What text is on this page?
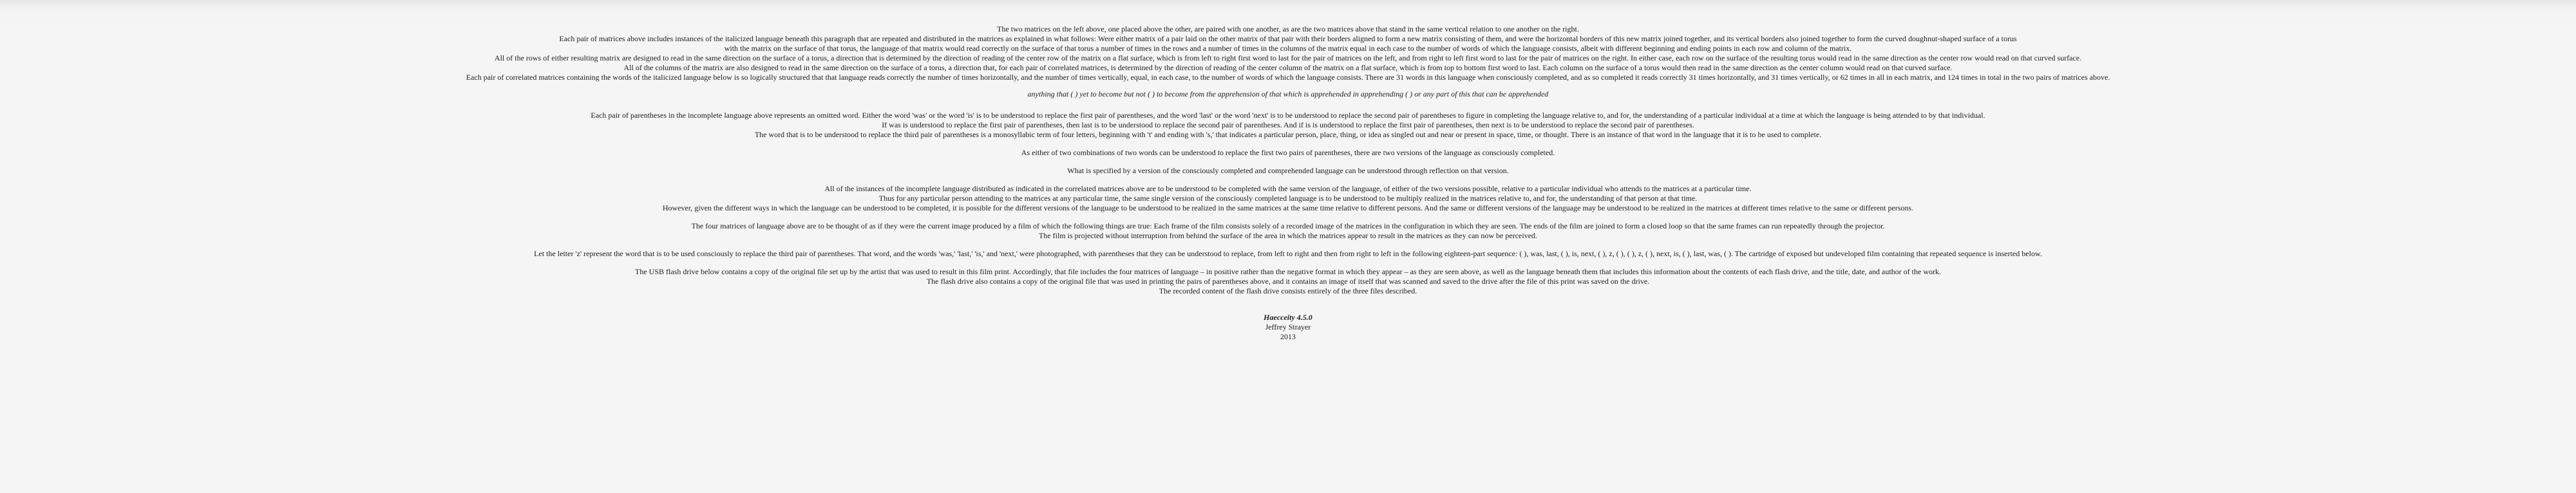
The two matrices on the left above, one placed above the other, are paired with one another, as are the two matrices above that stand in the same vertical relation to one another on the right.

Each pair of matrices above includes instances of the italicized language beneath this paragraph that are repeated and distributed in the matrices as explained in what follows: Were either matrix of a pair laid on the other matrix of that pair with their borders aligned to form a new matrix consisting of them, and were the horizontal borders of this new matrix joined together, and its vertical borders also joined together to form the curved doughnut-shaped surface of a torus

with the matrix on the surface of that torus, the language of that matrix would read correctly on the surface of that torus a number of times in the rows and a number of times in the columns of the matrix equal in each case to the number of words of which the language consists, albeit with different beginning and ending points in each row and column of the matrix.

All of the rows of either resulting matrix are designed to read in the same direction on the surface of a torus, a direction that is determined by the direction of reading of the center row of the matrix on a flat surface, which is from left to right first word to last for the pair of matrices on the left, and from right to left first word to last for the pair of matrices on the right. In either case, each row on the surface of the resulting torus would read in the same direction as the center row would read on that curved surface.

All of the columns of the matrix are also designed to read in the same direction on the surface of a torus, a direction that, for each pair of correlated matrices, is determined by the direction of reading of the center column of the matrix on a flat surface, which is from top to bottom first word to last. Each column on the surface of a torus would then read in the same direction as the center column would read on that curved surface.

Each pair of correlated matrices containing the words of the italicized language below is so logically structured that that language reads correctly the number of times horizontally, and the number of times vertically, equal, in each case, to the number of words of which the language consists. There are 31 words in this language when consciously completed, and as so completed it reads correctly 31 times horizontally, and 31 times vertically, or 62 times in all in each matrix, and 124 times in total in the two pairs of matrices above.

anything that ( ) yet to become but not ( ) to become from the apprehension of that which is apprehended in apprehending ( ) or any part of this that can be apprehended

Each pair of parentheses in the incomplete language above represents an omitted word. Either the word 'was' or the word 'is' is to be understood to replace the first pair of parentheses, and the word 'last' or the word 'next' is to be understood to replace the second pair of parentheses to figure in completing the language relative to, and for, the understanding of a particular individual at a time at which the language is being attended to by that individual.

If was is understood to replace the first pair of parentheses, then last is to be understood to replace the second pair of parentheses. And if is is understood to replace the first pair of parentheses, then next is to be understood to replace the second pair of parentheses.

The word that is to be understood to replace the third pair of parentheses is a monosyllabic term of four letters, beginning with 't' and ending with 's,' that indicates a particular person, place, thing, or idea as singled out and near or present in space, time, or thought. There is an instance of that word in the language that it is to be used to complete.

As either of two combinations of two words can be understood to replace the first two pairs of parentheses, there are two versions of the language as consciously completed.

What is specified by a version of the consciously completed and comprehended language can be understood through reflection on that version.

All of the instances of the incomplete language distributed as indicated in the correlated matrices above are to be understood to be completed with the same version of the language, of either of the two versions possible, relative to a particular individual who attends to the matrices at a particular time.

Thus for any particular person attending to the matrices at any particular time, the same single version of the consciously completed language is to be understood to be multiply realized in the matrices relative to, and for, the understanding of that person at that time.

However, given the different ways in which the language can be understood to be completed, it is possible for the different versions of the language to be understood to be realized in the same matrices at the same time relative to different persons. And the same or different versions of the language may be understood to be realized in the matrices at different times relative to the same or different persons.

The four matrices of language above are to be thought of as if they were the current image produced by a film of which the following things are true: Each frame of the film consists solely of a recorded image of the matrices in the configuration in which they are seen. The ends of the film are joined to form a closed loop so that the same frames can run repeatedly through the projector.

The film is projected without interruption from behind the surface of the area in which the matrices appear to result in the matrices as they can now be perceived.

Let the letter 'z' represent the word that is to be used consciously to replace the third pair of parentheses. That word, and the words 'was,' 'last,' 'is,' and 'next,' were photographed, with parentheses that they can be understood to replace, from left to right and then from right to left in the following eighteen-part sequence: ( ), was, last, ( ), is, next, ( ), z, ( ), ( ), z, ( ), next, is, ( ), last, was, ( ). The cartridge of exposed but undeveloped film containing that repeated sequence is inserted below.

The USB flash drive below contains a copy of the original file set up by the artist that was used to result in this film print. Accordingly, that file includes the four matrices of language – in positive rather than the negative format in which they appear – as they are seen above, as well as the language beneath them that includes this information about the contents of each flash drive, and the title, date, and author of the work.

The flash drive also contains a copy of the original file that was used in printing the pairs of parentheses above, and it contains an image of itself that was scanned and saved to the drive after the file of this print was saved on the drive.

The recorded content of the flash drive consists entirely of the three files described.

Haecceity 4.5.0

Jeffrey Strayer

2013
